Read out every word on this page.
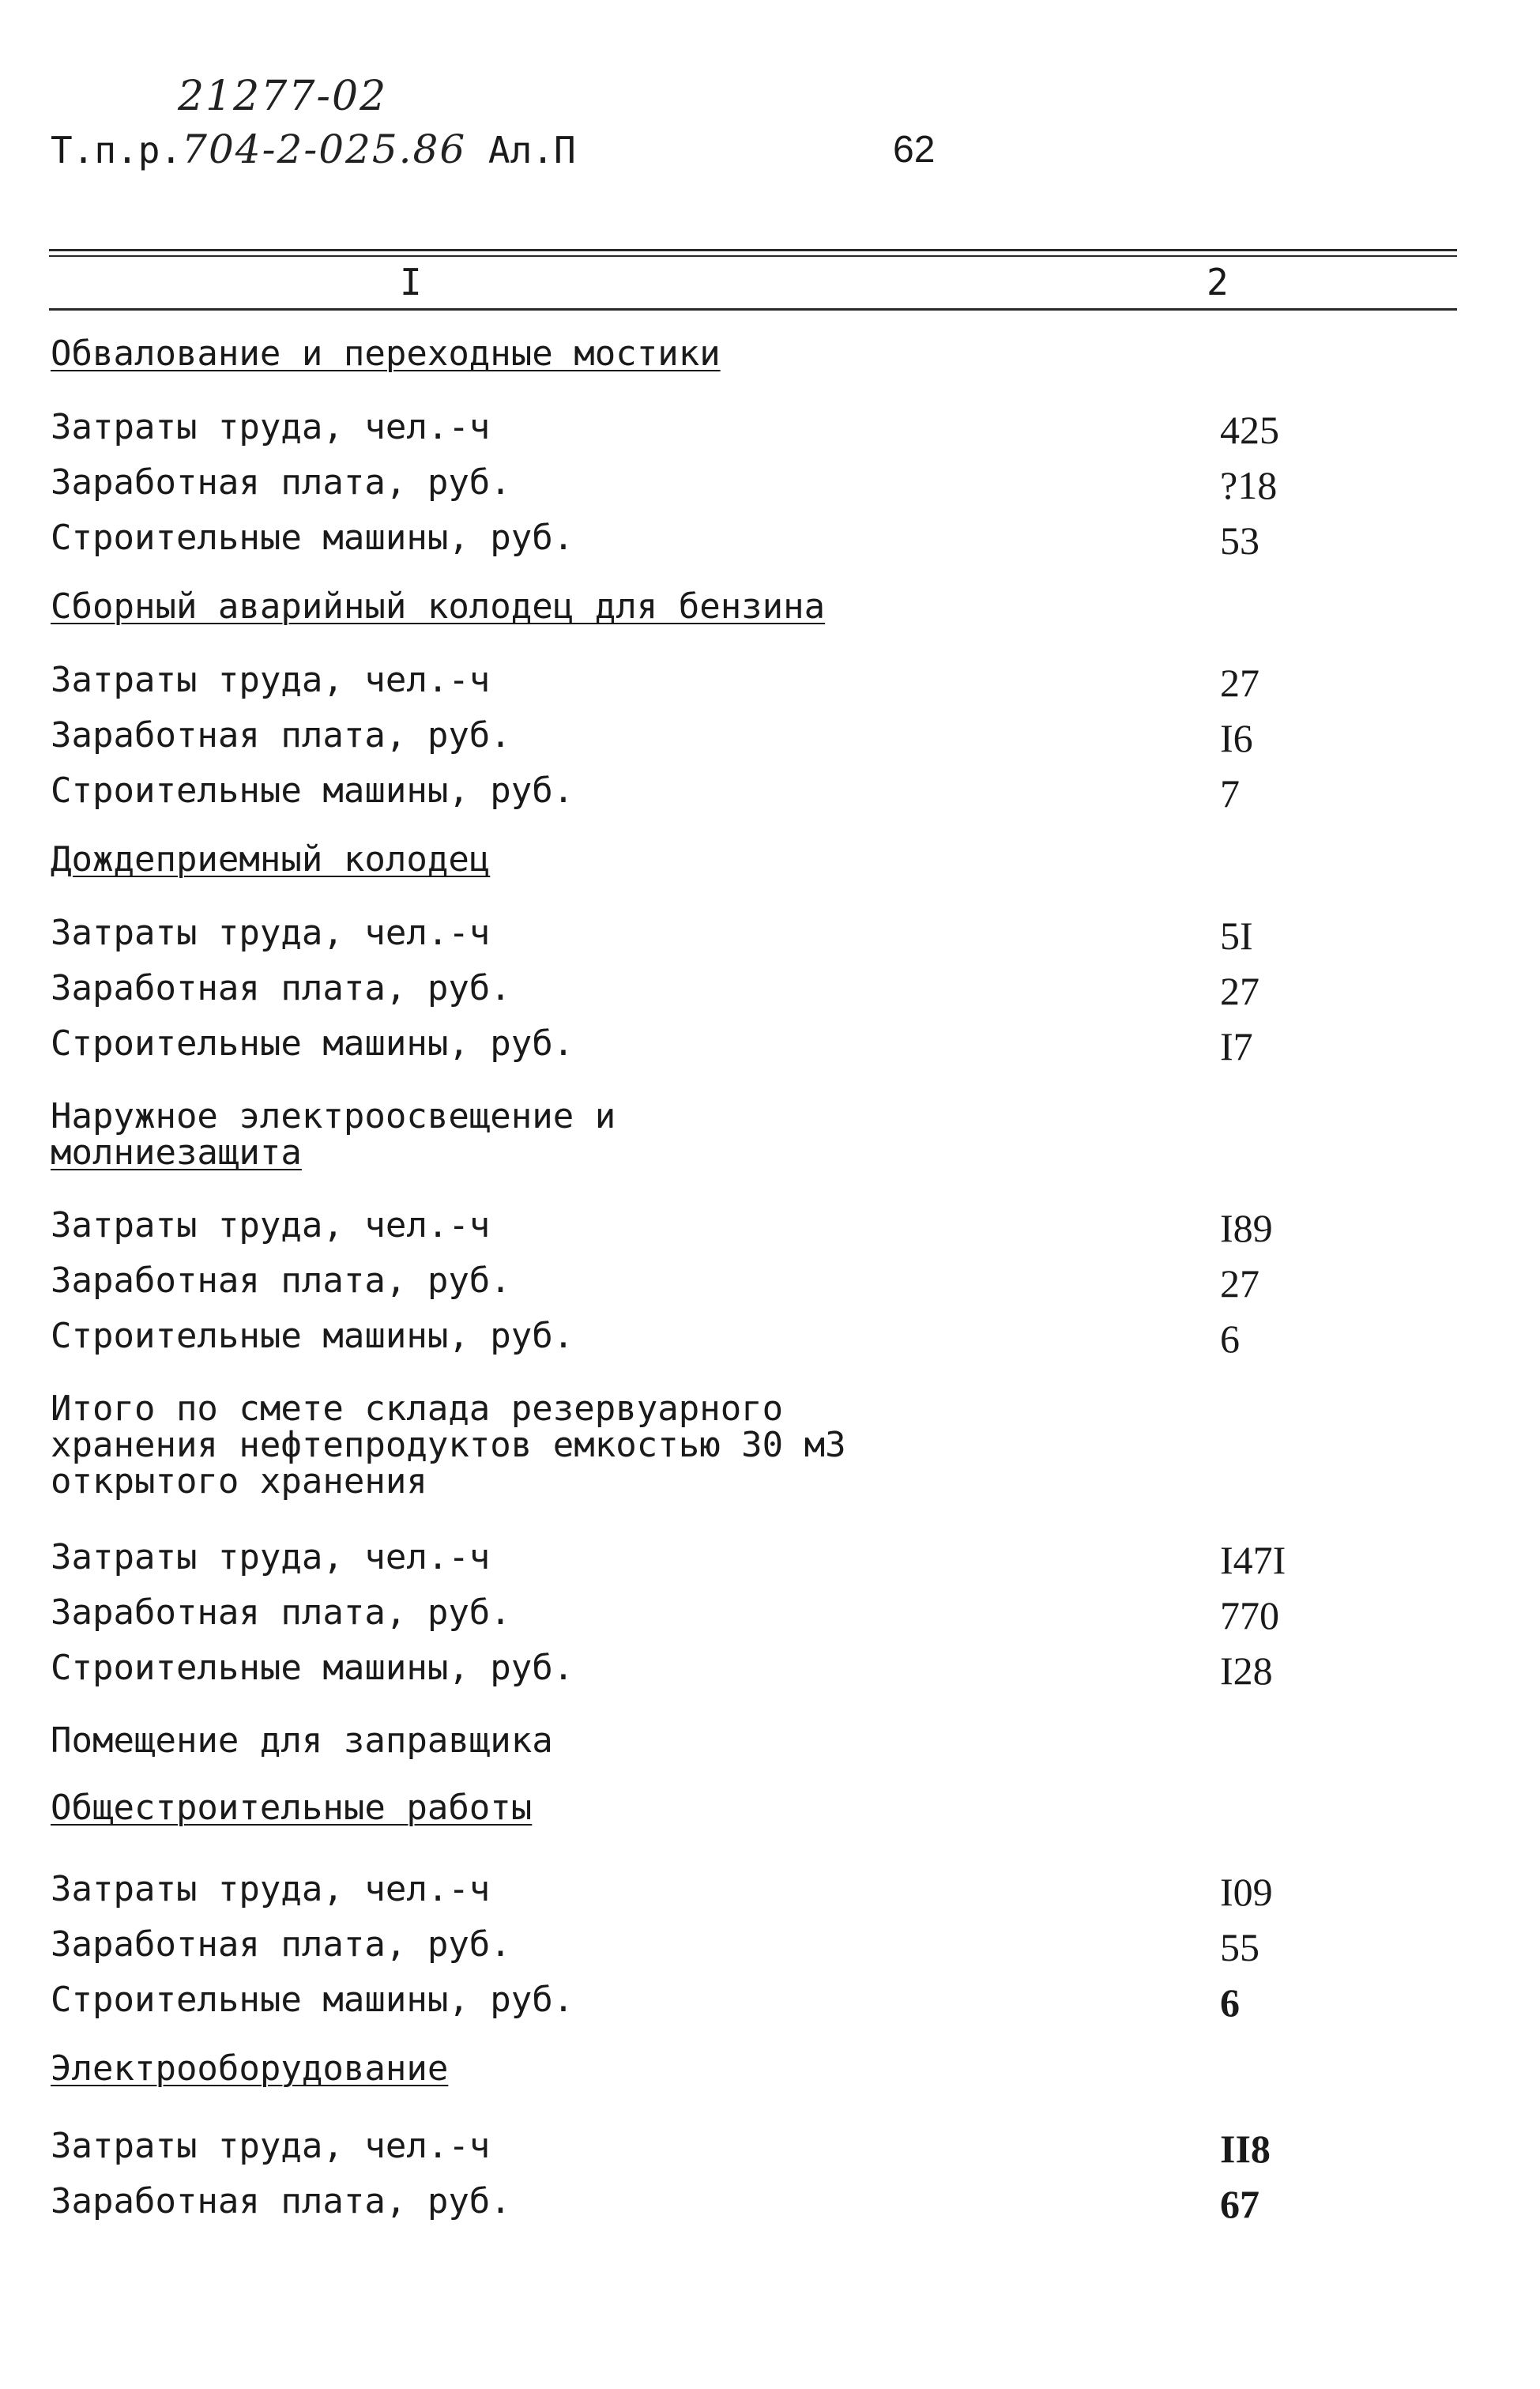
21277-02
Т.п.р.704-2-025.86 Ал.П	62
I	2
Обвалование и переходные мостики
Затраты труда, чел.-ч	425
Заработная плата, руб.	?18
Строительные машины, руб.	53
Сборный аварийный колодец для бензина
Затраты труда, чел.-ч	27
Заработная плата, руб.	I6
Строительные машины, руб.	7
Дождеприемный колодец
Затраты труда, чел.-ч	5I
Заработная плата, руб.	27
Строительные машины, руб.	I7
Наружное электроосвещение и
молниезащита
Затраты труда, чел.-ч	I89
Заработная плата, руб.	27
Строительные машины, руб.	6
Итого по смете склада резервуарного
хранения нефтепродуктов емкостью 30 м3
открытого хранения
Затраты труда, чел.-ч	I47I
Заработная плата, руб.	770
Строительные машины, руб.	I28
Помещение для заправщика
Общестроительные работы
Затраты труда, чел.-ч	I09
Заработная плата, руб.	55
Строительные машины, руб.	6
Электрооборудование
Затраты труда, чел.-ч	II8
Заработная плата, руб.	67
